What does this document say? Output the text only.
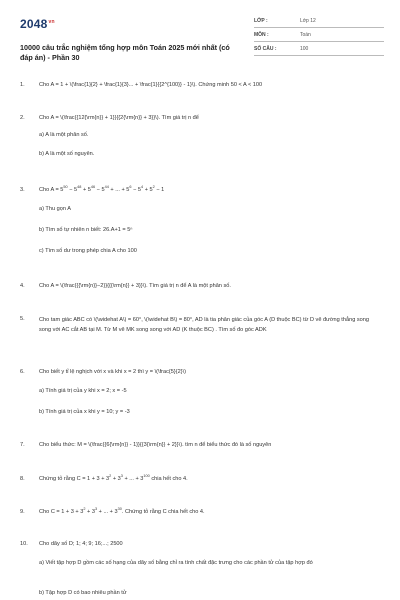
$2048^{vn}$
10000 câu trắc nghiệm tổng hợp môn Toán 2025 mới nhất (có đáp án) - Phần 30
LỚP :	Lớp 12
MÔN :	Toán
SỐ CÂU :	100
1.	Cho A = 1 + \(\frac{1}{2} + \frac{1}{3}... + \frac{1}{{2^{100}} - 1}\). Chứng minh 50 < A < 100
2.	Cho A = \(\frac{{12{\rm{n}} + 1}}{{2{\rm{n}} + 3}}\). Tìm giá trị n để
a) A là một phân số.
b) A là một số nguyên.
3.	Cho $A = 5^{50} - 5^{48} + 5^{46} - 5^{44}$ + ... + $5^6 - 5^4 + 5^2 - 1$
a) Thu gọn A
b) Tìm số tự nhiên n biết: 26.A+1 = 5ⁿ
c) Tìm số dư trong phép chia A cho 100
4.	Cho A = \(\frac{{{\rm{n}}−2}}{{{\rm{n}} + 3}}\). Tìm giá trị n để A là một phân số.
5.	Cho tam giác ABC có \(\widehat A\) = 60°, \(\widehat B\) = 80°, AD là tia phân giác của góc A (D thuộc BC) từ D vẽ đường thẳng song song với AC cắt AB tại M. Từ M vẽ MK song song với AD (K thuộc BC) . Tìm số đo góc ADK
6.	Cho biết y tỉ lệ nghịch với x và khi x = 2 thì y = \(\frac{5}{2}\)
a) Tính giá trị của y khi x = 2; x = -5
b) Tính giá trị của x khi y = 10; y = -3
7.	Cho biểu thức: M = \(\frac{{6{\rm{n}} - 1}}{{3{\rm{n}} + 2}}\). tìm n để biểu thức đó là số nguyên
8.	Chứng tỏ rằng $C = 1 + 3 + 3^2 + 3^3$ + ... + $3^{100}$ chia hết cho 4.
9.	Cho $C = 1 + 3 + 3^2 + 3^3$ + ... + $3^{30}$. Chứng tỏ rằng C chia hết cho 4.
10.	Cho dãy số D; 1; 4; 9; 16;...; 2500
a) Viết tập hợp D gồm các số hạng của dãy số bằng chỉ ra tính chất đặc trưng cho các phần tử của tập hợp đó
b) Tập hợp D có bao nhiêu phần tử
